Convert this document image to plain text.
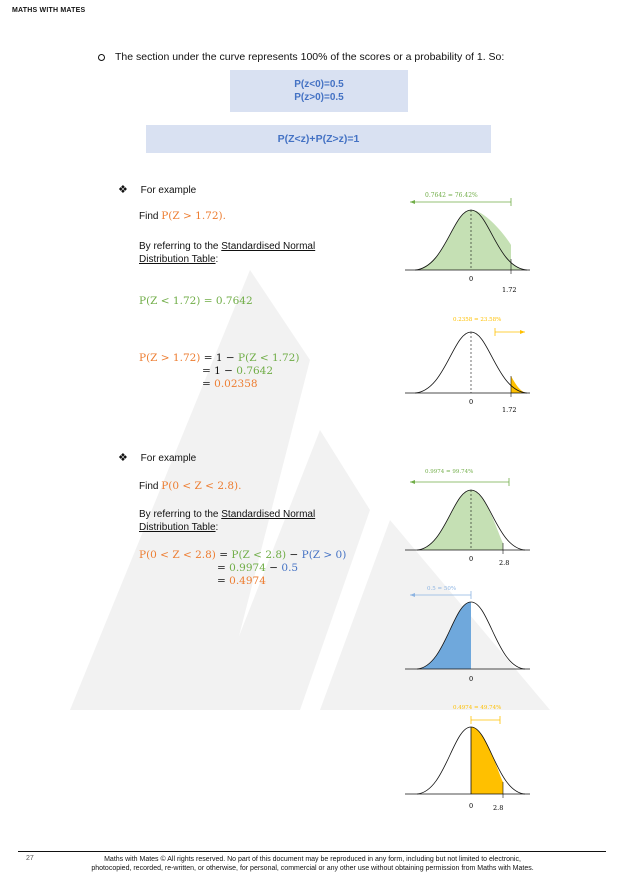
MATHS WITH MATES
The section under the curve represents 100% of the scores or a probability of 1. So:
P(z<0)=0.5
P(z>0)=0.5
P(Z<z)+P(Z>z)=1
❖ For example
Find P(Z > 1.72).
By referring to the Standardised Normal
Distribution Table:
P(Z < 1.72) = 0.7642
P(Z > 1.72) = 1 − P(Z < 1.72)
= 1 − 0.7642
= 0.02358
❖ For example
Find P(0 < Z < 2.8).
By referring to the Standardised Normal
Distribution Table:
P(0 < Z < 2.8) = P(Z < 2.8) − P(Z > 0)
= 0.9974 − 0.5
= 0.4974
0.7642 = 76.42%
0
1.72
0.2358 = 23.58%
0
1.72
0.9974 = 99.74%
0	2.8
0.5 = 50%
0
0.4974 = 49.74%
0	2.8
27	Maths with Mates © All rights reserved. No part of this document may be reproduced in any form, including but not limited to electronic,
photocopied, recorded, re-written, or otherwise, for personal, commercial or any other use without obtaining permission from Maths with Mates.
